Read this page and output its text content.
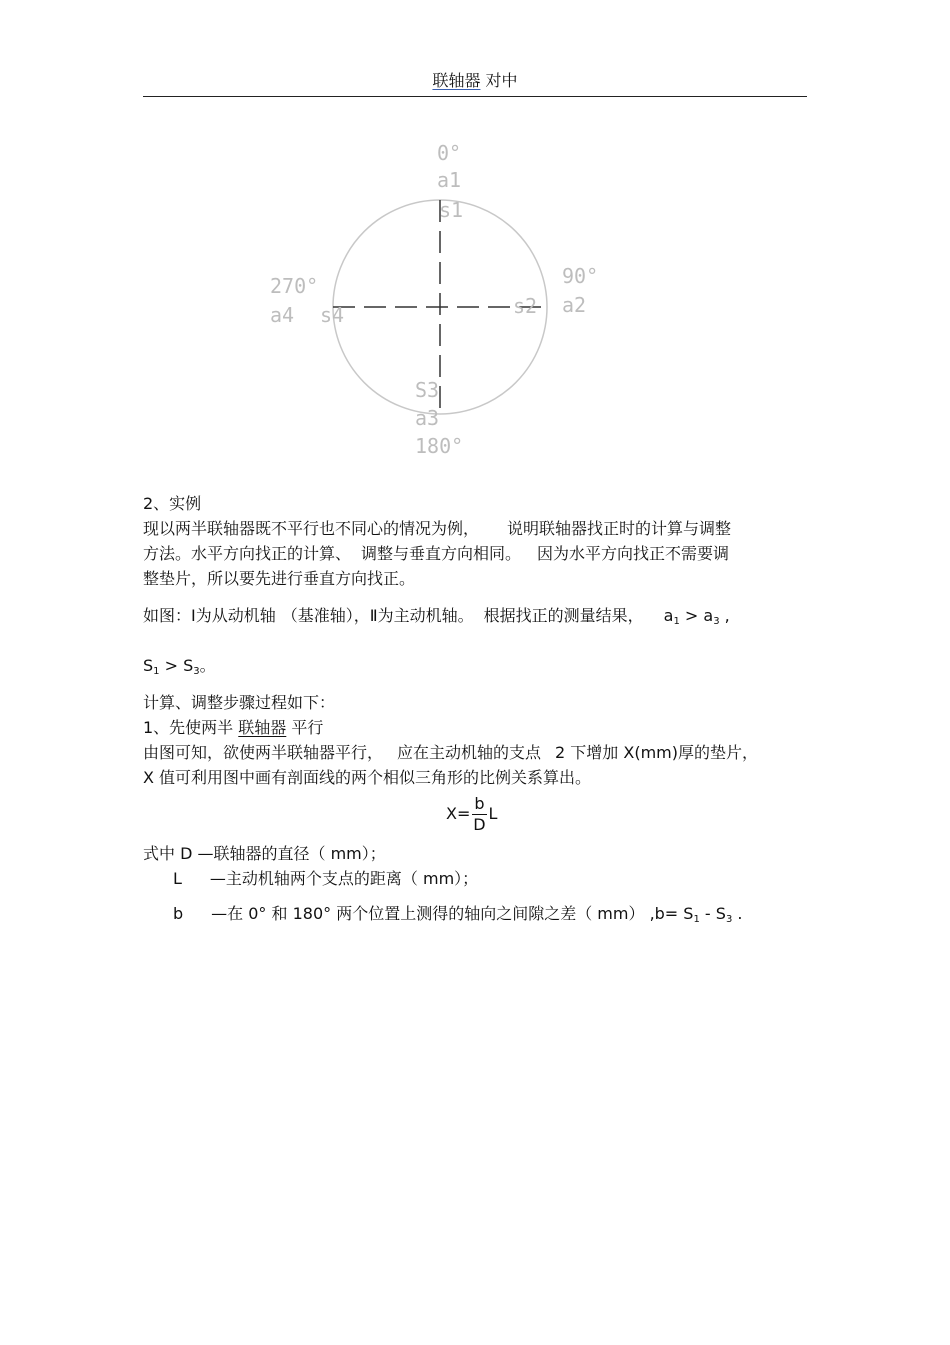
联轴器 对中
0°
a1
s1
90°
a2
s2
270°
a4 s4
S3
a3
180°
2、实例
现以两半联轴器既不平行也不同心的情况为例， 说明联轴器找正时的计算与调整
方法。水平方向找正的计算、 调整与垂直方向相同。 因为水平方向找正不需要调
整垫片，所以要先进行垂直方向找正。
如图：Ⅰ为从动机轴 （基准轴），Ⅱ为主动机轴。 根据找正的测量结果， a1 > a3 ,
S1 > S3。
计算、调整步骤过程如下：
1、先使两半 联轴器 平行
由图可知，欲使两半联轴器平行， 应在主动机轴的支点 2 下增加 X(mm)厚的垫片，
X 值可利用图中画有剖面线的两个相似三角形的比例关系算出。
$X= \frac{b}{D}$ L
式中 D —联轴器的直径（ mm）；
L —主动机轴两个支点的距离（ mm）；
b —在 0° 和 180° 两个位置上测得的轴向之间隙之差（ mm） ,b= S1 - S3 .
